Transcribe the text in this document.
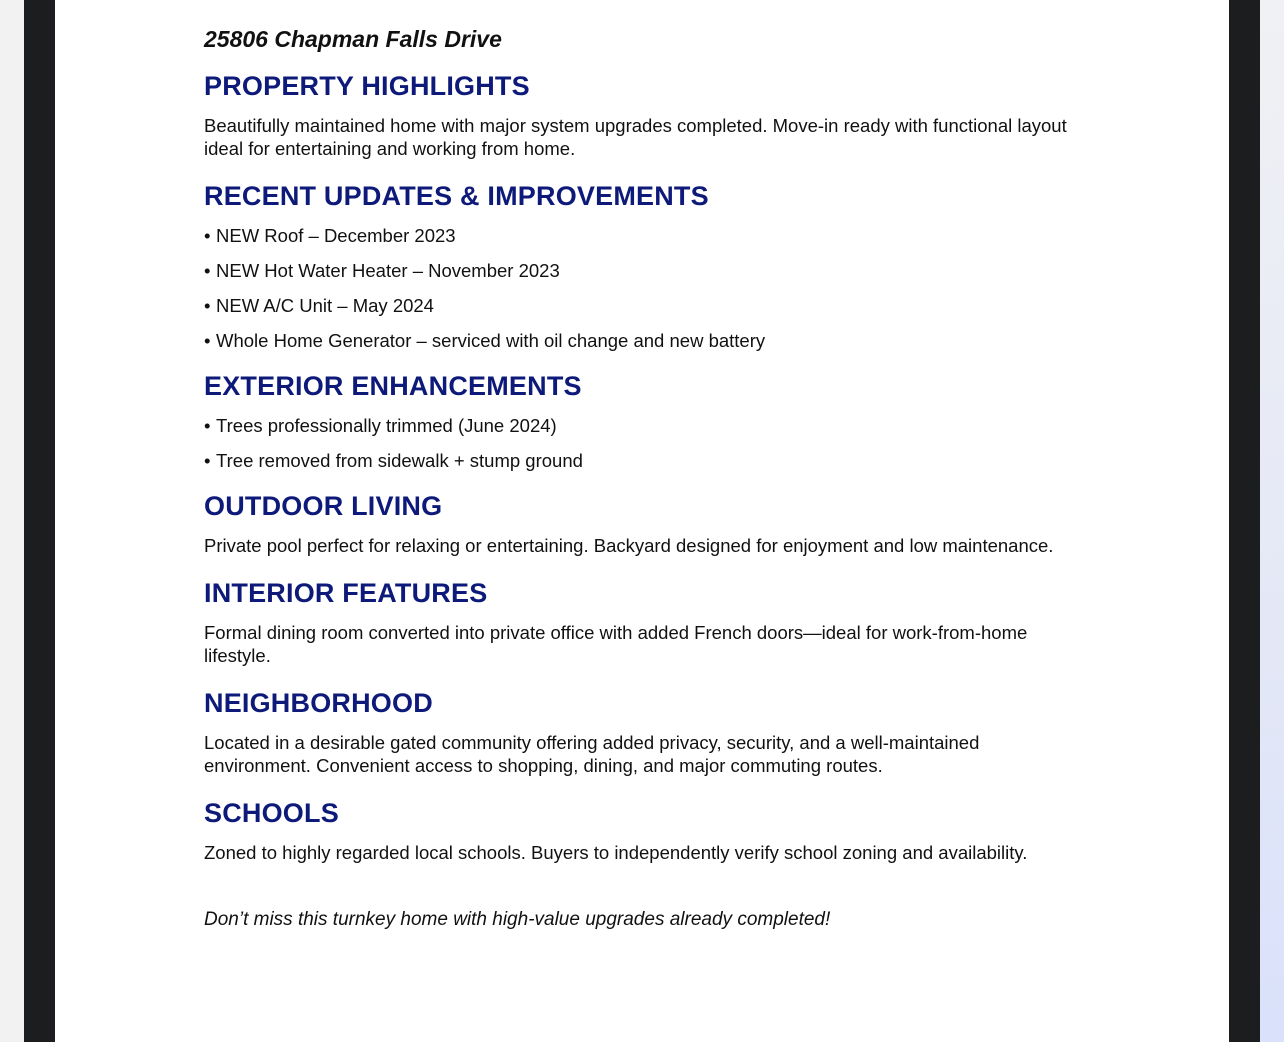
25806 Chapman Falls Drive
PROPERTY HIGHLIGHTS

Beautifully maintained home with major system upgrades completed. Move-in ready with functional layout ideal for entertaining and working from home.

RECENT UPDATES & IMPROVEMENTS
• NEW Roof – December 2023
• NEW Hot Water Heater – November 2023
• NEW A/C Unit – May 2024
• Whole Home Generator – serviced with oil change and new battery
EXTERIOR ENHANCEMENTS
• Trees professionally trimmed (June 2024)
• Tree removed from sidewalk + stump ground
OUTDOOR LIVING

Private pool perfect for relaxing or entertaining. Backyard designed for enjoyment and low maintenance.

INTERIOR FEATURES

Formal dining room converted into private office with added French doors—ideal for work-from-home lifestyle.

NEIGHBORHOOD

Located in a desirable gated community offering added privacy, security, and a well-maintained environment. Convenient access to shopping, dining, and major commuting routes.

SCHOOLS

Zoned to highly regarded local schools. Buyers to independently verify school zoning and availability.

Don’t miss this turnkey home with high-value upgrades already completed!
